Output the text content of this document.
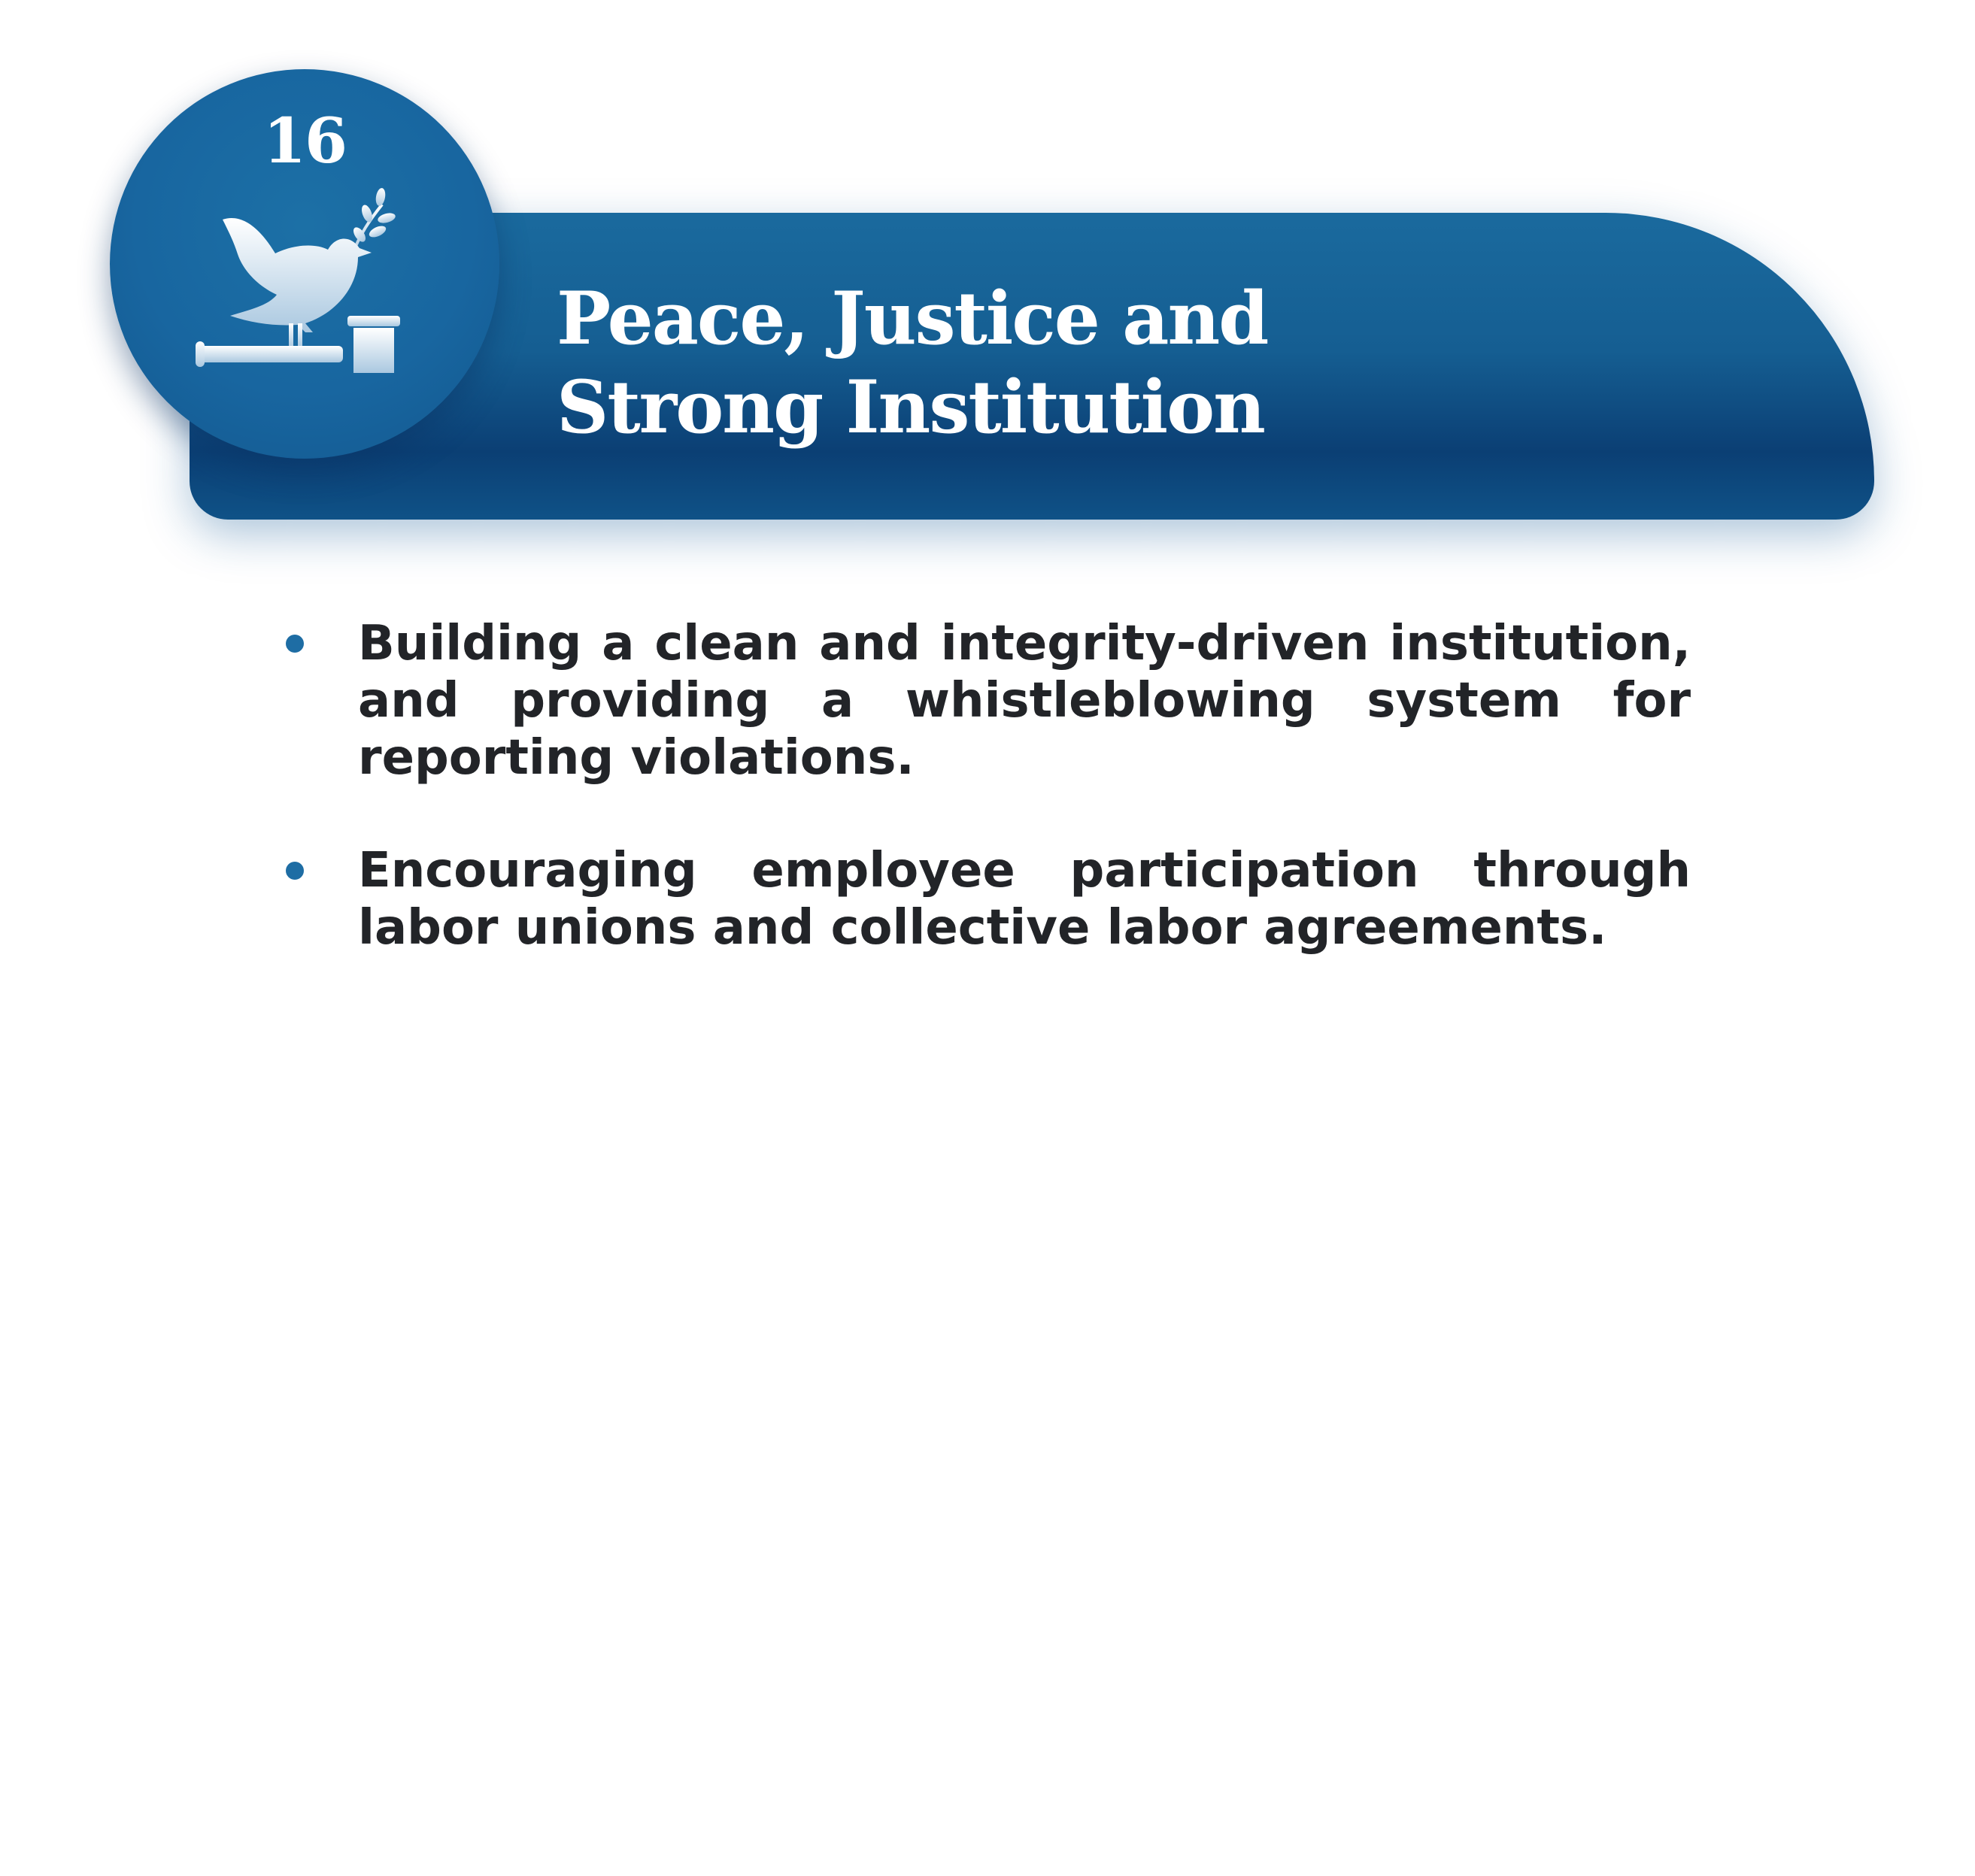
Peace, Justice and
Strong Institution
16
Building a clean and integrity-driven institution, and providing a whistleblowing system for reporting violations.
Encouraging employee participation through labor unions and collective labor agreements.
